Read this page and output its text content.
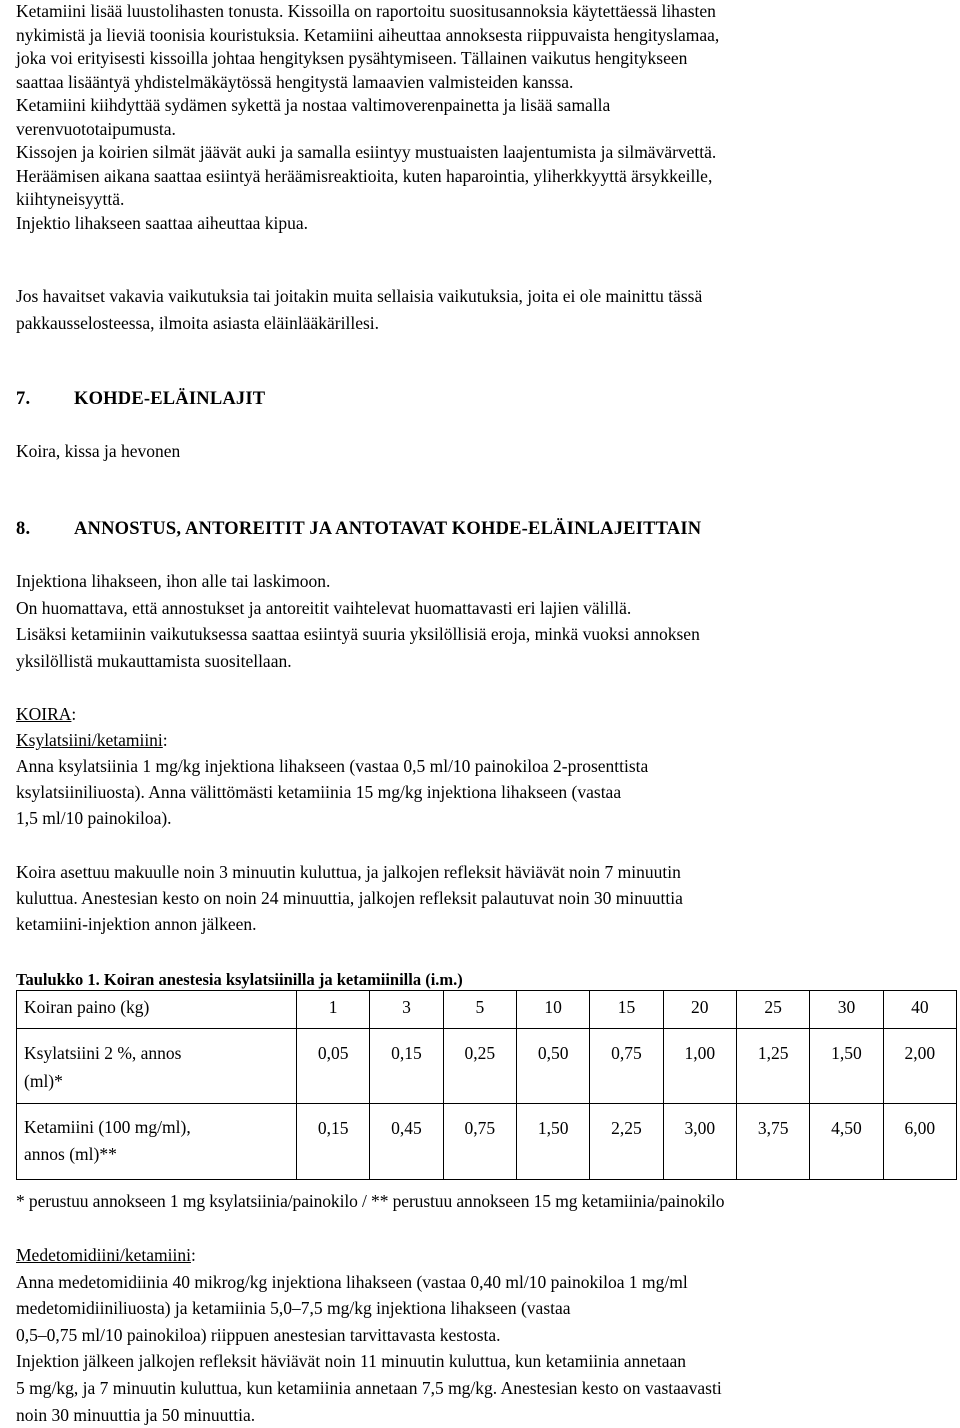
Ketamiini lisää luustolihasten tonusta. Kissoilla on raportoitu suositusannoksia käytettäessä lihasten

nykimistä ja lieviä toonisia kouristuksia. Ketamiini aiheuttaa annoksesta riippuvaista hengityslamaa,

joka voi erityisesti kissoilla johtaa hengityksen pysähtymiseen. Tällainen vaikutus hengitykseen

saattaa lisääntyä yhdistelmäkäytössä hengitystä lamaavien valmisteiden kanssa.

Ketamiini kiihdyttää sydämen sykettä ja nostaa valtimoverenpainetta ja lisää samalla

verenvuototaipumusta.

Kissojen ja koirien silmät jäävät auki ja samalla esiintyy mustuaisten laajentumista ja silmävärvettä.

Heräämisen aikana saattaa esiintyä heräämisreaktioita, kuten haparointia, yliherkkyyttä ärsykkeille,

kiihtyneisyyttä.

Injektio lihakseen saattaa aiheuttaa kipua.

Jos havaitset vakavia vaikutuksia tai joitakin muita sellaisia vaikutuksia, joita ei ole mainittu tässä

pakkausselosteessa, ilmoita asiasta eläinlääkärillesi.

7. KOHDE-ELÄINLAJIT

Koira, kissa ja hevonen

8. ANNOSTUS, ANTOREITIT JA ANTOTAVAT KOHDE-ELÄINLAJEITTAIN

Injektiona lihakseen, ihon alle tai laskimoon.

On huomattava, että annostukset ja antoreitit vaihtelevat huomattavasti eri lajien välillä.

Lisäksi ketamiinin vaikutuksessa saattaa esiintyä suuria yksilöllisiä eroja, minkä vuoksi annoksen

yksilöllistä mukauttamista suositellaan.

KOIRA:

Ksylatsiini/ketamiini:

Anna ksylatsiinia 1 mg/kg injektiona lihakseen (vastaa 0,5 ml/10 painokiloa 2-prosenttista

ksylatsiiniliuosta). Anna välittömästi ketamiinia 15 mg/kg injektiona lihakseen (vastaa

1,5 ml/10 painokiloa).

Koira asettuu makuulle noin 3 minuutin kuluttua, ja jalkojen refleksit häviävät noin 7 minuutin

kuluttua. Anestesian kesto on noin 24 minuuttia, jalkojen refleksit palautuvat noin 30 minuuttia

ketamiini-injektion annon jälkeen.

Taulukko 1. Koiran anestesia ksylatsiinilla ja ketamiinilla (i.m.)

Koiran paino (kg)	1	3	5	10	15	20	25	30	40
Ksylatsiini 2 %, annos
(ml)*	0,05	0,15	0,25	0,50	0,75	1,00	1,25	1,50	2,00
Ketamiini (100 mg/ml),
annos (ml)**	0,15	0,45	0,75	1,50	2,25	3,00	3,75	4,50	6,00

* perustuu annokseen 1 mg ksylatsiinia/painokilo / ** perustuu annokseen 15 mg ketamiinia/painokilo

Medetomidiini/ketamiini:

Anna medetomidiinia 40 mikrog/kg injektiona lihakseen (vastaa 0,40 ml/10 painokiloa 1 mg/ml

medetomidiiniliuosta) ja ketamiinia 5,0–7,5 mg/kg injektiona lihakseen (vastaa

0,5–0,75 ml/10 painokiloa) riippuen anestesian tarvittavasta kestosta.

Injektion jälkeen jalkojen refleksit häviävät noin 11 minuutin kuluttua, kun ketamiinia annetaan

5 mg/kg, ja 7 minuutin kuluttua, kun ketamiinia annetaan 7,5 mg/kg. Anestesian kesto on vastaavasti

noin 30 minuuttia ja 50 minuuttia.
